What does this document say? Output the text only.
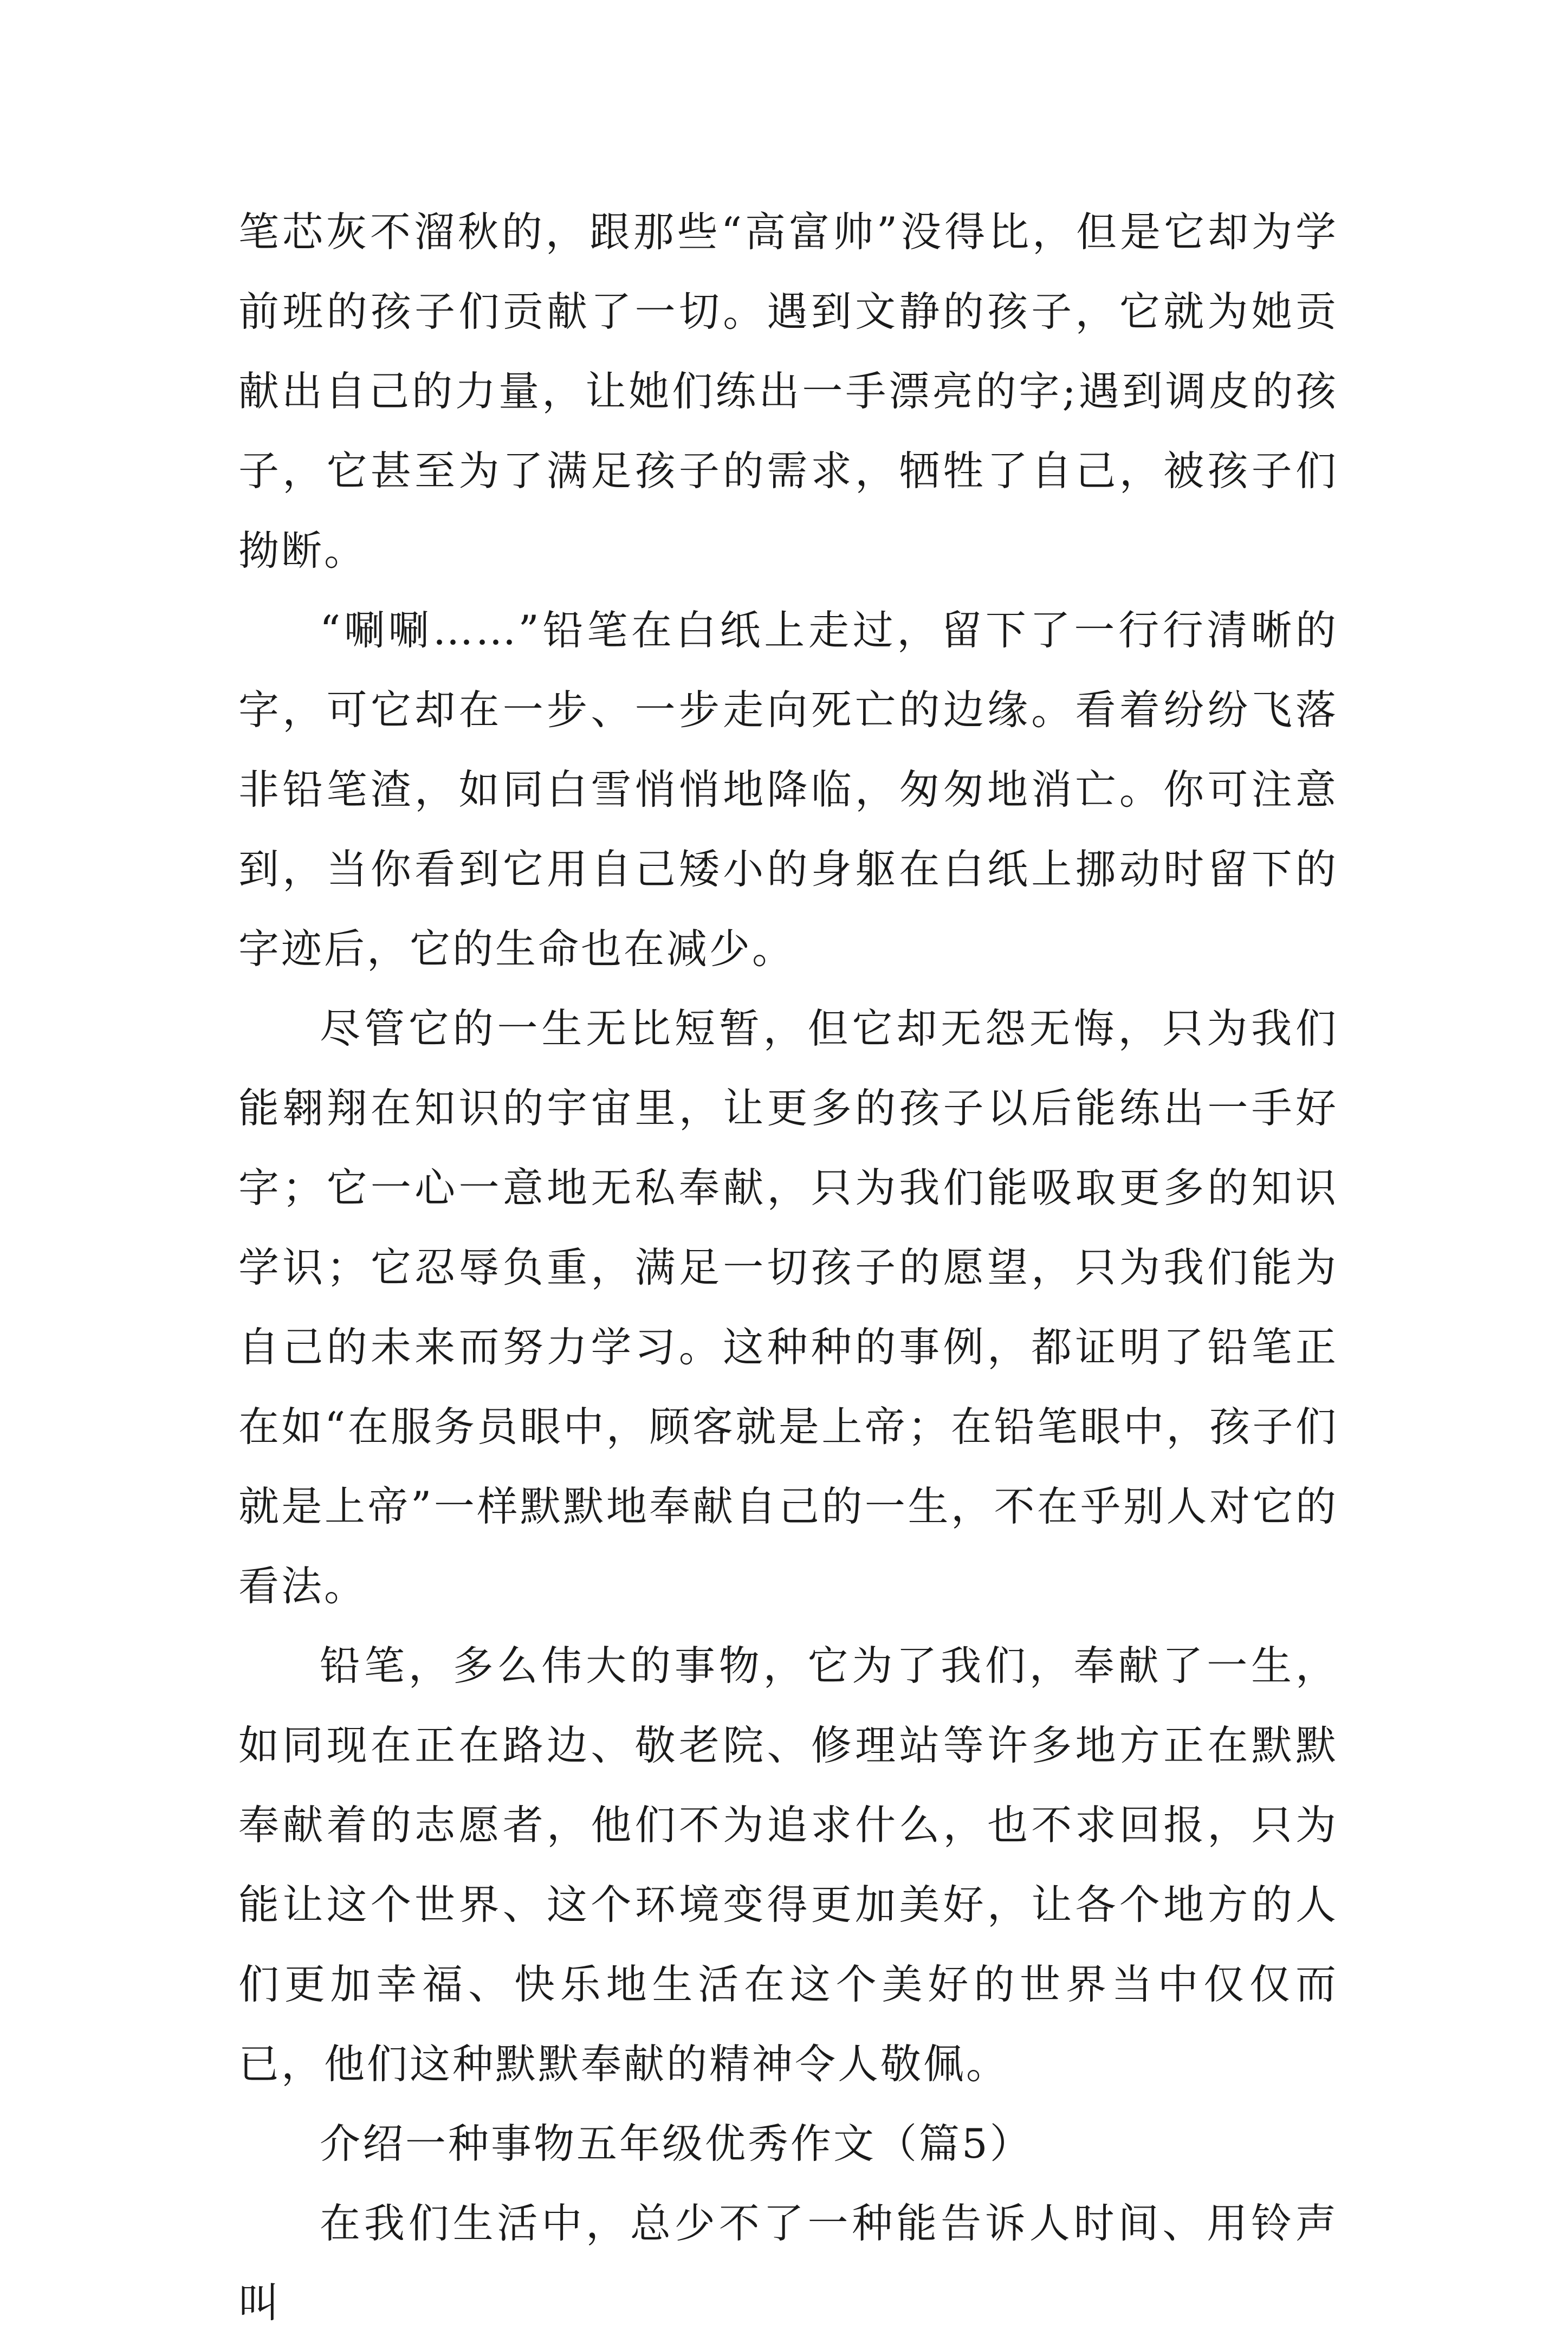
笔芯灰不溜秋的，跟那些“高富帅”没得比，但是它却为学前班的孩子们贡献了一切。遇到文静的孩子，它就为她贡献出自己的力量，让她们练出一手漂亮的字;遇到调皮的孩子，它甚至为了满足孩子的需求，牺牲了自己，被孩子们拗断。

“唰唰……”铅笔在白纸上走过，留下了一行行清晰的字，可它却在一步、一步走向死亡的边缘。看着纷纷飞落非铅笔渣，如同白雪悄悄地降临，匆匆地消亡。你可注意到，当你看到它用自己矮小的身躯在白纸上挪动时留下的字迹后，它的生命也在减少。

尽管它的一生无比短暂，但它却无怨无悔，只为我们能翱翔在知识的宇宙里，让更多的孩子以后能练出一手好字；它一心一意地无私奉献，只为我们能吸取更多的知识学识；它忍辱负重，满足一切孩子的愿望，只为我们能为自己的未来而努力学习。这种种的事例，都证明了铅笔正在如“在服务员眼中，顾客就是上帝；在铅笔眼中，孩子们就是上帝”一样默默地奉献自己的一生，不在乎别人对它的看法。

铅笔，多么伟大的事物，它为了我们，奉献了一生，如同现在正在路边、敬老院、修理站等许多地方正在默默奉献着的志愿者，他们不为追求什么，也不求回报，只为能让这个世界、这个环境变得更加美好，让各个地方的人们更加幸福、快乐地生活在这个美好的世界当中仅仅而已，他们这种默默奉献的精神令人敬佩。

介绍一种事物五年级优秀作文（篇5）

在我们生活中，总少不了一种能告诉人时间、用铃声叫
